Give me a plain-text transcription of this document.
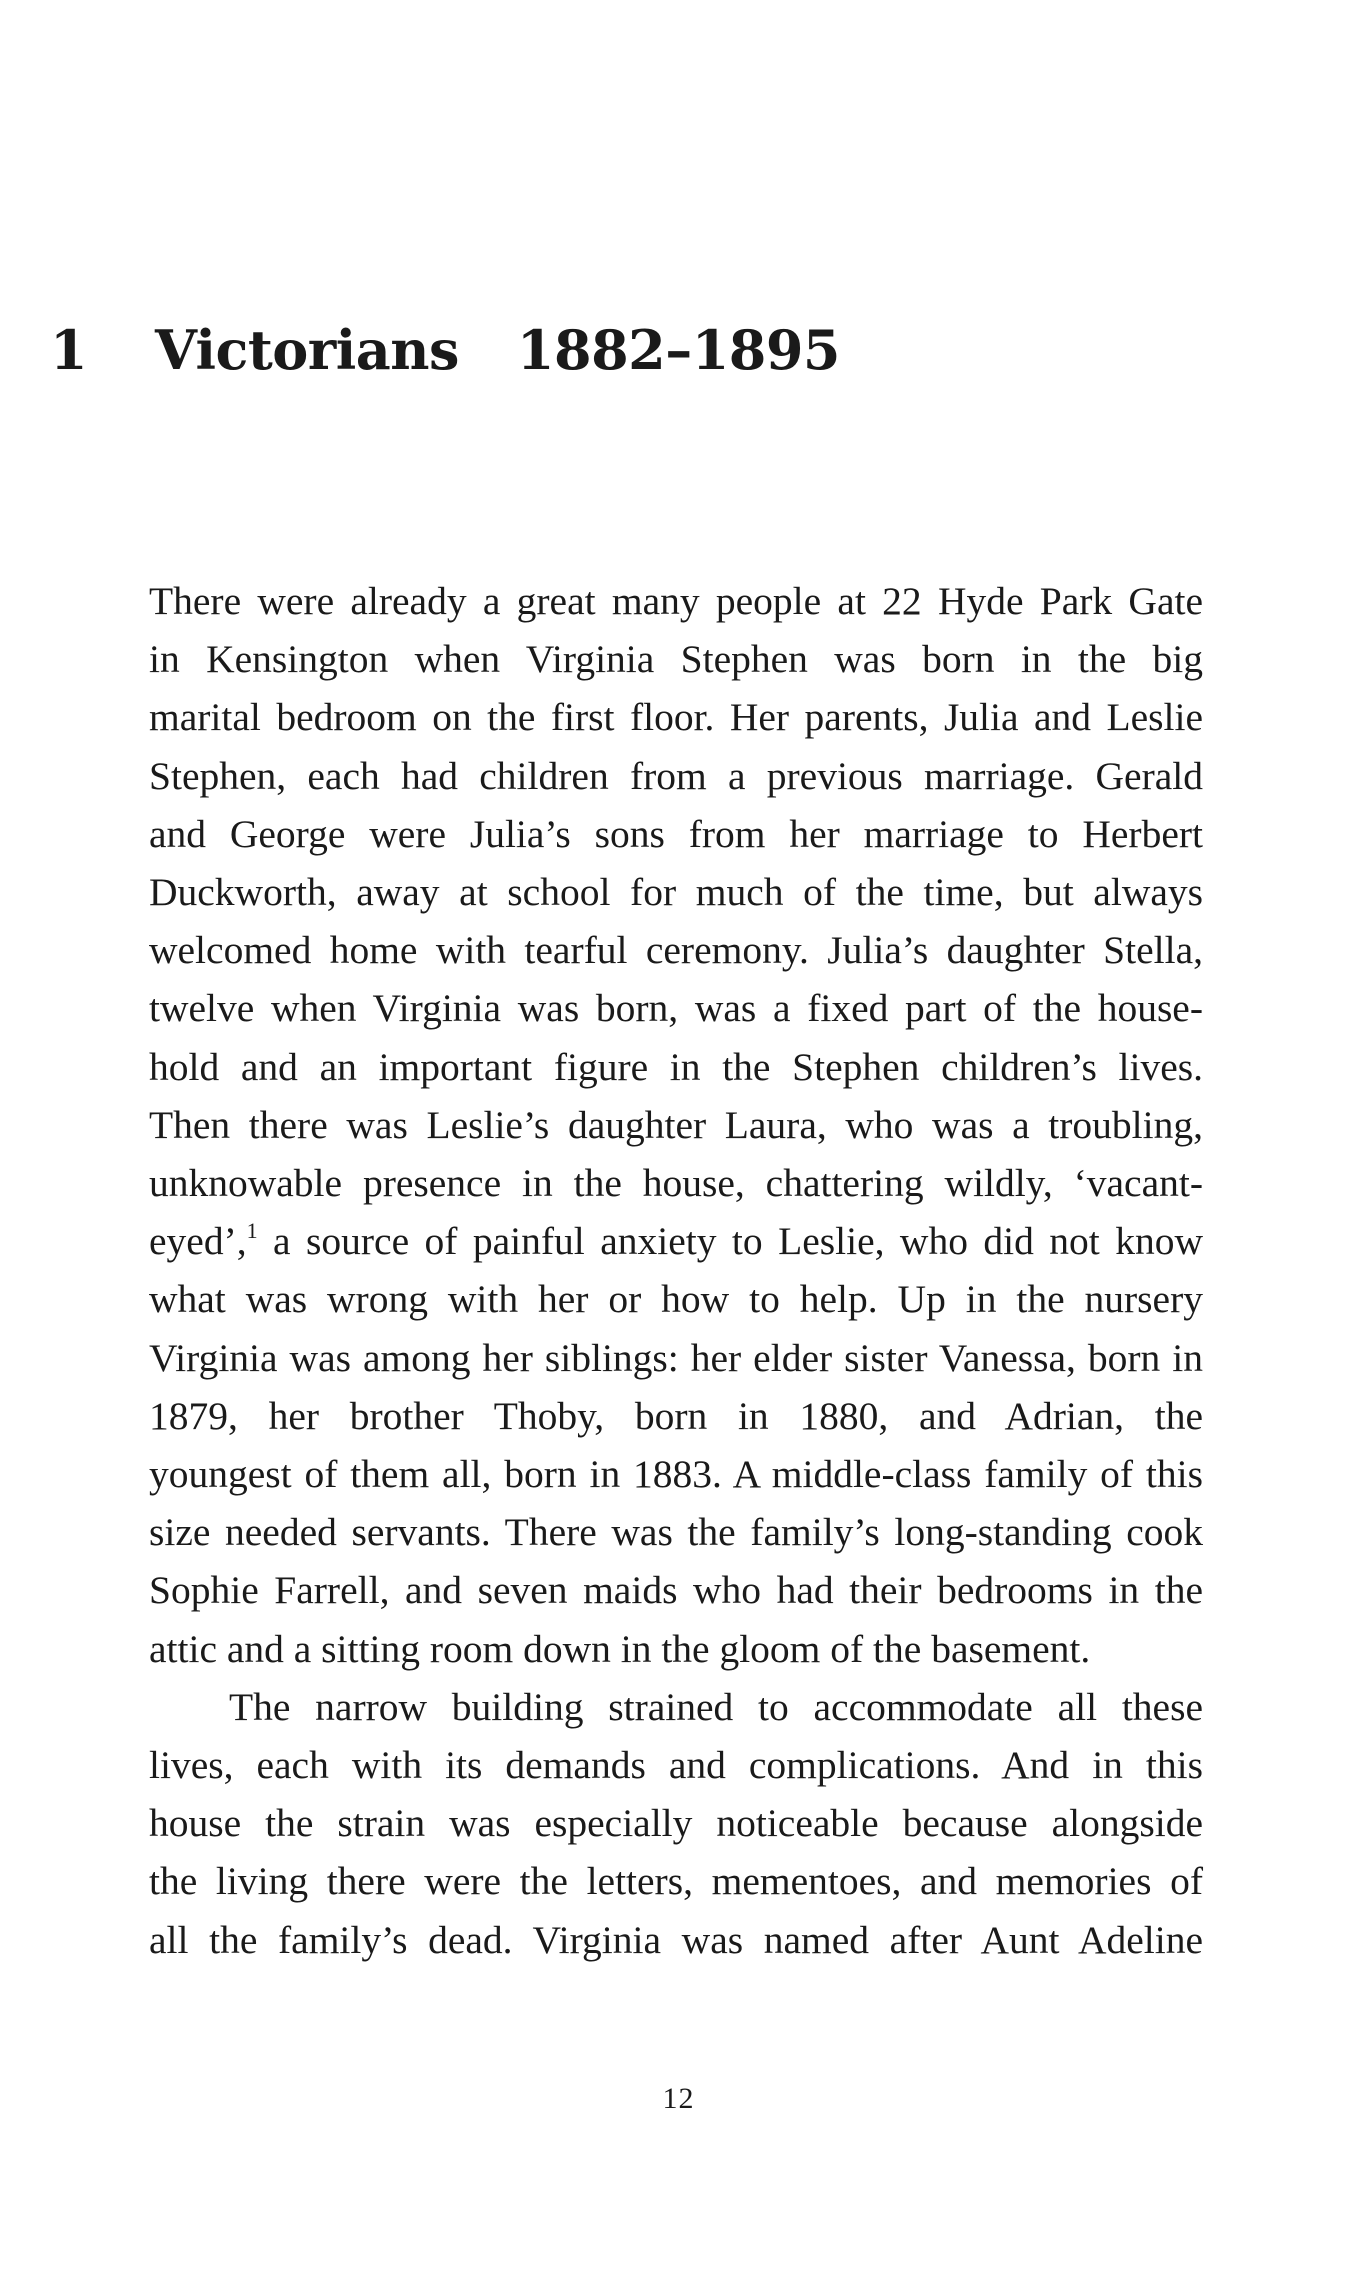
1 Victorians 1882–1895
There were already a great many people at 22 Hyde Park Gate
in Kensington when Virginia Stephen was born in the big
marital bedroom on the first floor. Her parents, Julia and Leslie
Stephen, each had children from a previous marriage. Gerald
and George were Julia’s sons from her marriage to Herbert
Duckworth, away at school for much of the time, but always
welcomed home with tearful ceremony. Julia’s daughter Stella,
twelve when Virginia was born, was a fixed part of the house-
hold and an important figure in the Stephen children’s lives.
Then there was Leslie’s daughter Laura, who was a troubling,
unknowable presence in the house, chattering wildly, ‘vacant-
eyed’,$^1$ a source of painful anxiety to Leslie, who did not know
what was wrong with her or how to help. Up in the nursery
Virginia was among her siblings: her elder sister Vanessa, born in
1879, her brother Thoby, born in 1880, and Adrian, the
youngest of them all, born in 1883. A middle-class family of this
size needed servants. There was the family’s long-standing cook
Sophie Farrell, and seven maids who had their bedrooms in the
attic and a sitting room down in the gloom of the basement.
The narrow building strained to accommodate all these
lives, each with its demands and complications. And in this
house the strain was especially noticeable because alongside
the living there were the letters, mementoes, and memories of
all the family’s dead. Virginia was named after Aunt Adeline
12
